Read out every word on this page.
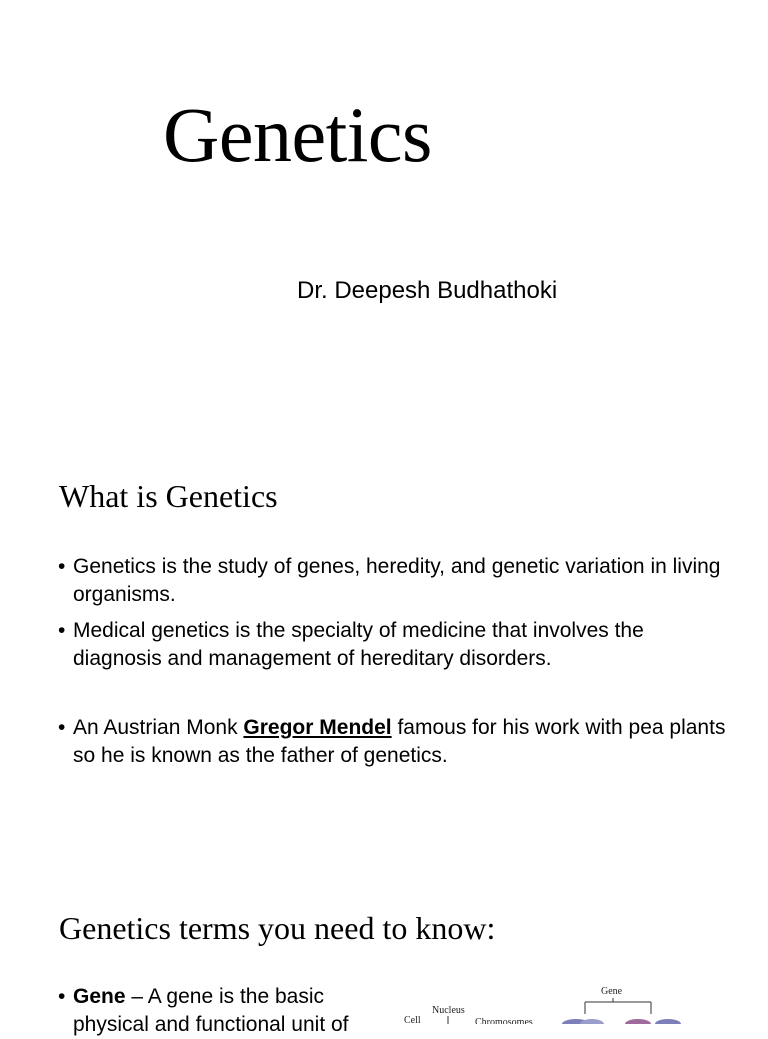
Genetics
Dr. Deepesh Budhathoki
What is Genetics
• Genetics is the study of genes, heredity, and genetic variation in living organisms.
• Medical genetics is the specialty of medicine that involves the diagnosis and management of hereditary disorders.
• An Austrian Monk Gregor Mendel famous for his work with pea plants so he is known as the father of genetics.
Genetics terms you need to know:
• Gene – A gene is the basic physical and functional unit of
Gene
Nucleus
Cell	Chromosomes
